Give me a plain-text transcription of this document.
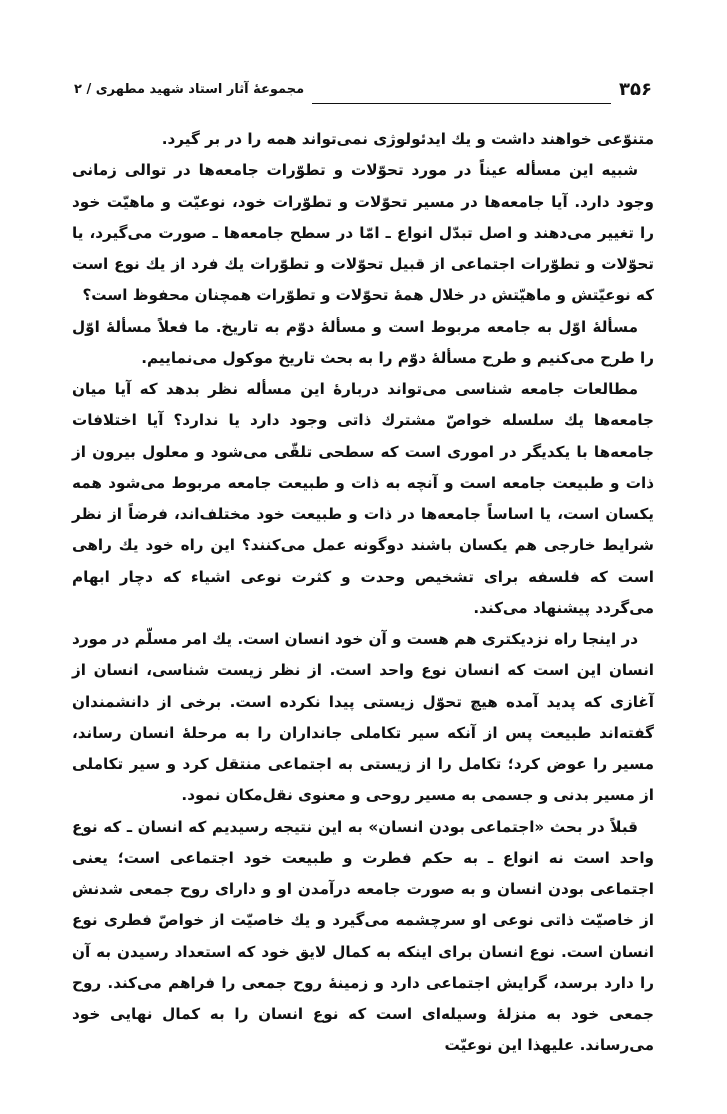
۳۵۶
مجموعهٔ آثار استاد شهید مطهری / ۲

متنوّعی خواهند داشت و یك ایدئولوژی نمی‌تواند همه را در بر گیرد.

شبیه این مسأله عیناً در مورد تحوّلات و تطوّرات جامعه‌ها در توالی زمانی وجود دارد. آیا جامعه‌ها در مسیر تحوّلات و تطوّرات خود، نوعیّت و ماهیّت خود را تغییر می‌دهند و اصل تبدّل انواع ـ امّا در سطح جامعه‌ها ـ صورت می‌گیرد، یا تحوّلات و تطوّرات اجتماعی از قبیل تحوّلات و تطوّرات یك فرد از یك نوع است که نوعیّتش و ماهیّتش در خلال همهٔ تحوّلات و تطوّرات همچنان محفوظ است؟

مسألهٔ اوّل به جامعه مربوط است و مسألهٔ دوّم به تاریخ. ما فعلاً مسألهٔ اوّل را طرح می‌کنیم و طرح مسألهٔ دوّم را به بحث تاریخ موکول می‌نماییم.

مطالعات جامعه شناسی می‌تواند دربارهٔ این مسأله نظر بدهد که آیا میان جامعه‌ها یك سلسله خواصّ مشترك ذاتی وجود دارد یا ندارد؟ آیا اختلافات جامعه‌ها با یکدیگر در اموری است که سطحی تلقّی می‌شود و معلول بیرون از ذات و طبیعت جامعه است و آنچه به ذات و طبیعت جامعه مربوط می‌شود همه یکسان است، یا اساساً جامعه‌ها در ذات و طبیعت خود مختلف‌اند، فرضاً از نظر شرایط خارجی هم یکسان باشند دوگونه عمل می‌کنند؟ این راه خود یك راهی است که فلسفه برای تشخیص وحدت و کثرت نوعی اشیاء که دچار ابهام می‌گردد پیشنهاد می‌کند.

در اینجا راه نزدیکتری هم هست و آن خود انسان است. یك امر مسلّم در مورد انسان این است که انسان نوع واحد است. از نظر زیست شناسی، انسان از آغازی که پدید آمده هیچ تحوّل زیستی پیدا نکرده است. برخی از دانشمندان گفته‌اند طبیعت پس از آنکه سیر تکاملی جانداران را به مرحلهٔ انسان رساند، مسیر را عوض کرد؛ تکامل را از زیستی به اجتماعی منتقل کرد و سیر تکاملی از مسیر بدنی و جسمی به مسیر روحی و معنوی نقل‌مکان نمود.

قبلاً در بحث «اجتماعی بودن انسان» به این نتیجه رسیدیم که انسان ـ که نوع واحد است نه انواع ـ به حکم فطرت و طبیعت خود اجتماعی است؛ یعنی اجتماعی بودن انسان و به صورت جامعه درآمدن او و دارای روح جمعی شدنش از خاصیّت ذاتی نوعی او سرچشمه می‌گیرد و یك خاصیّت از خواصّ فطری نوع انسان است. نوع انسان برای اینکه به کمال لایق خود که استعداد رسیدن به آن را دارد برسد، گرایش اجتماعی دارد و زمینهٔ روح جمعی را فراهم می‌کند. روح جمعی خود به منزلهٔ وسیله‌ای است که نوع انسان را به کمال نهایی خود می‌رساند. علیهذا این نوعیّت
